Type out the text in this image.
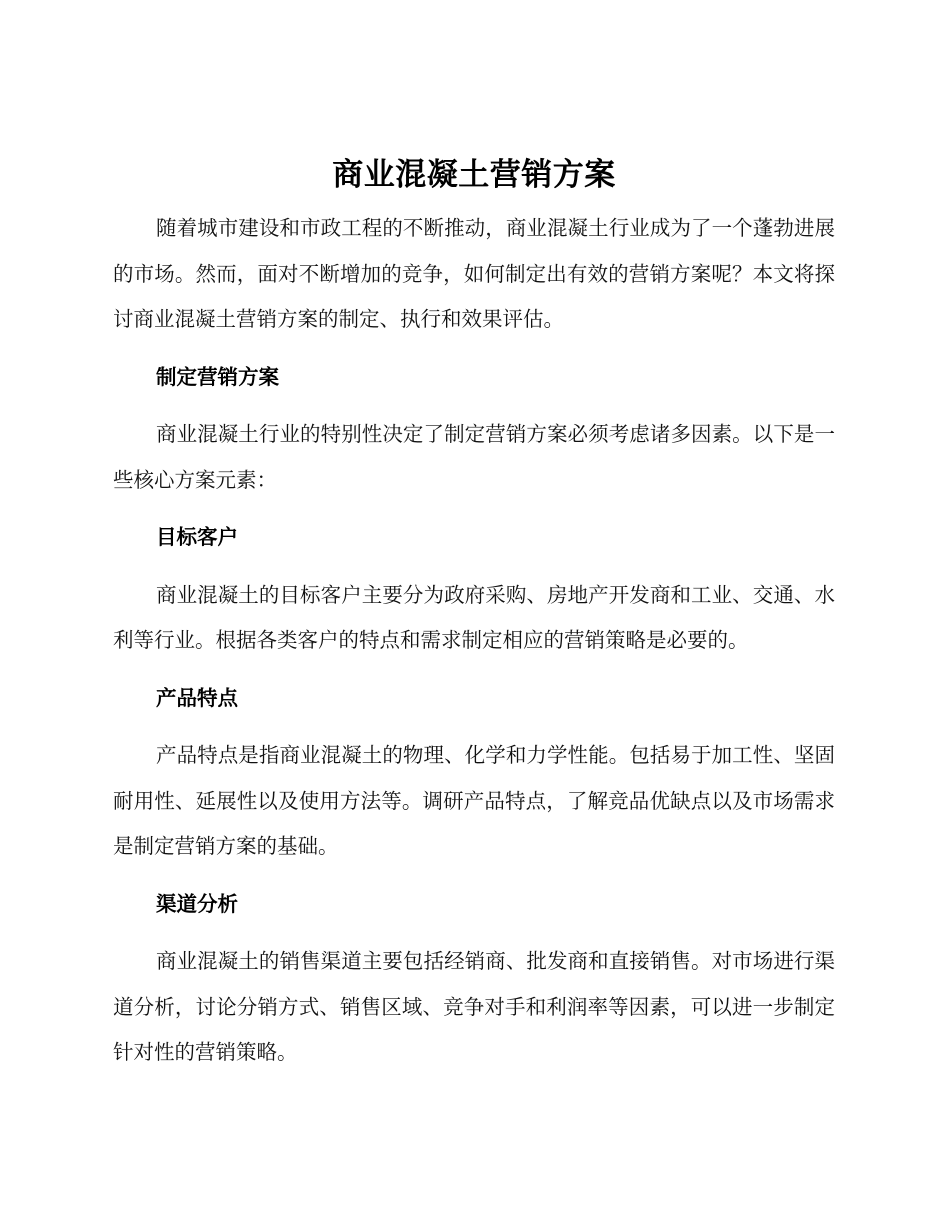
商业混凝土营销方案

随着城市建设和市政工程的不断推动，商业混凝土行业成为了一个蓬勃进展的市场。然而，面对不断增加的竞争，如何制定出有效的营销方案呢？本文将探讨商业混凝土营销方案的制定、执行和效果评估。

制定营销方案

商业混凝土行业的特别性决定了制定营销方案必须考虑诸多因素。以下是一些核心方案元素：

目标客户

商业混凝土的目标客户主要分为政府采购、房地产开发商和工业、交通、水利等行业。根据各类客户的特点和需求制定相应的营销策略是必要的。

产品特点

产品特点是指商业混凝土的物理、化学和力学性能。包括易于加工性、坚固耐用性、延展性以及使用方法等。调研产品特点，了解竞品优缺点以及市场需求是制定营销方案的基础。

渠道分析

商业混凝土的销售渠道主要包括经销商、批发商和直接销售。对市场进行渠道分析，讨论分销方式、销售区域、竞争对手和利润率等因素，可以进一步制定针对性的营销策略。
